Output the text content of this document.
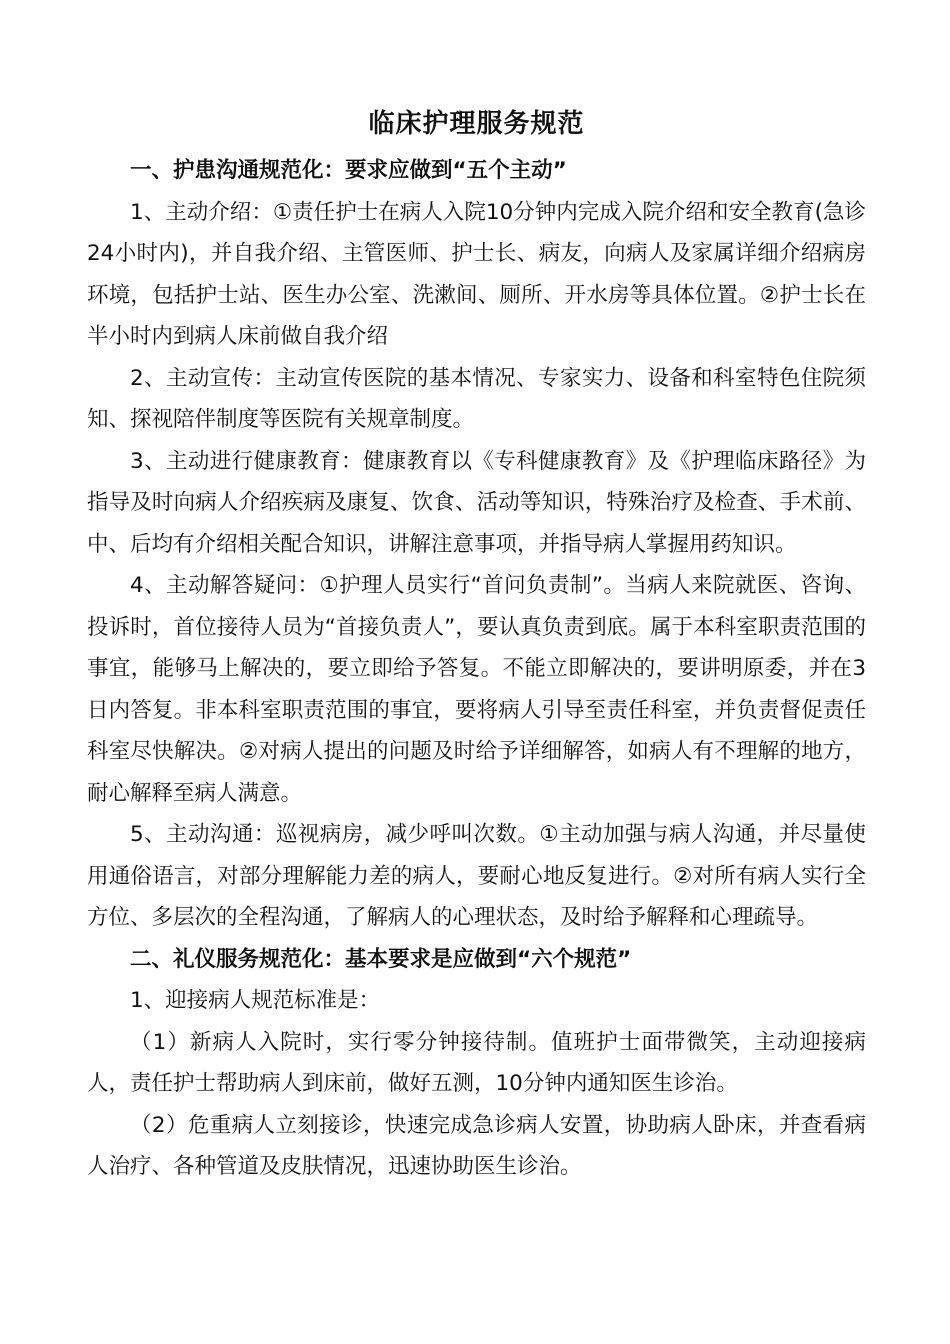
临床护理服务规范

一、护患沟通规范化：要求应做到“五个主动”

1、主动介绍：①责任护士在病人入院10分钟内完成入院介绍和安全教育(急诊24小时内)，并自我介绍、主管医师、护士长、病友，向病人及家属详细介绍病房环境，包括护士站、医生办公室、洗漱间、厕所、开水房等具体位置。②护士长在半小时内到病人床前做自我介绍

2、主动宣传：主动宣传医院的基本情况、专家实力、设备和科室特色住院须知、探视陪伴制度等医院有关规章制度。

3、主动进行健康教育：健康教育以《专科健康教育》及《护理临床路径》为指导及时向病人介绍疾病及康复、饮食、活动等知识，特殊治疗及检查、手术前、中、后均有介绍相关配合知识，讲解注意事项，并指导病人掌握用药知识。

4、主动解答疑问：①护理人员实行“首问负责制”。当病人来院就医、咨询、投诉时，首位接待人员为“首接负责人”，要认真负责到底。属于本科室职责范围的事宜，能够马上解决的，要立即给予答复。不能立即解决的，要讲明原委，并在3日内答复。非本科室职责范围的事宜，要将病人引导至责任科室，并负责督促责任科室尽快解决。②对病人提出的问题及时给予详细解答，如病人有不理解的地方，耐心解释至病人满意。

5、主动沟通：巡视病房，减少呼叫次数。①主动加强与病人沟通，并尽量使用通俗语言，对部分理解能力差的病人，要耐心地反复进行。②对所有病人实行全方位、多层次的全程沟通，了解病人的心理状态，及时给予解释和心理疏导。

二、礼仪服务规范化：基本要求是应做到“六个规范”

1、迎接病人规范标准是：

（1）新病人入院时，实行零分钟接待制。值班护士面带微笑，主动迎接病人，责任护士帮助病人到床前，做好五测，10分钟内通知医生诊治。

（2）危重病人立刻接诊，快速完成急诊病人安置，协助病人卧床，并查看病人治疗、各种管道及皮肤情况，迅速协助医生诊治。
